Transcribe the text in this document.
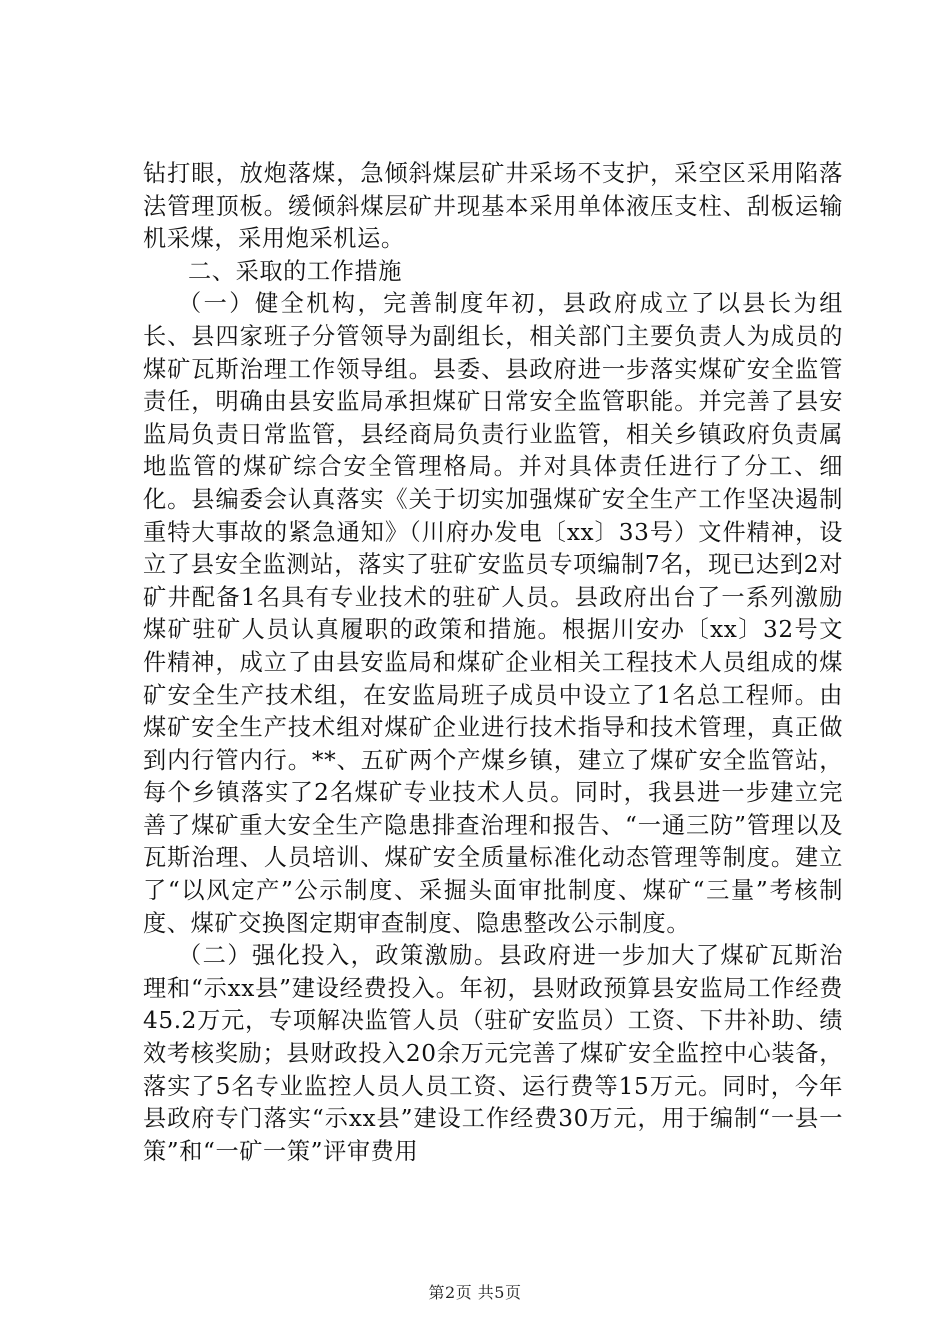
钻打眼，放炮落煤，急倾斜煤层矿井采场不支护，采空区采用陷落法管理顶板。缓倾斜煤层矿井现基本采用单体液压支柱、刮板运输机采煤，采用炮采机运。

二、采取的工作措施

（一）健全机构，完善制度年初，县政府成立了以县长为组长、县四家班子分管领导为副组长，相关部门主要负责人为成员的煤矿瓦斯治理工作领导组。县委、县政府进一步落实煤矿安全监管责任，明确由县安监局承担煤矿日常安全监管职能。并完善了县安监局负责日常监管，县经商局负责行业监管，相关乡镇政府负责属地监管的煤矿综合安全管理格局。并对具体责任进行了分工、细化。县编委会认真落实《关于切实加强煤矿安全生产工作坚决遏制重特大事故的紧急通知》（川府办发电〔xx〕33号）文件精神，设立了县安全监测站，落实了驻矿安监员专项编制7名，现已达到2对矿井配备1名具有专业技术的驻矿人员。县政府出台了一系列激励煤矿驻矿人员认真履职的政策和措施。根据川安办〔xx〕32号文件精神，成立了由县安监局和煤矿企业相关工程技术人员组成的煤矿安全生产技术组，在安监局班子成员中设立了1名总工程师。由煤矿安全生产技术组对煤矿企业进行技术指导和技术管理，真正做到内行管内行。**、五矿两个产煤乡镇，建立了煤矿安全监管站，每个乡镇落实了2名煤矿专业技术人员。同时，我县进一步建立完善了煤矿重大安全生产隐患排查治理和报告、“一通三防”管理以及瓦斯治理、人员培训、煤矿安全质量标准化动态管理等制度。建立了“以风定产”公示制度、采掘头面审批制度、煤矿“三量”考核制度、煤矿交换图定期审查制度、隐患整改公示制度。

（二）强化投入，政策激励。县政府进一步加大了煤矿瓦斯治理和“示xx县”建设经费投入。年初，县财政预算县安监局工作经费45.2万元，专项解决监管人员（驻矿安监员）工资、下井补助、绩效考核奖励；县财政投入20余万元完善了煤矿安全监控中心装备，落实了5名专业监控人员人员工资、运行费等15万元。同时，今年县政府专门落实“示xx县”建设工作经费30万元，用于编制“一县一策”和“一矿一策”评审费用

第2页 共5页
